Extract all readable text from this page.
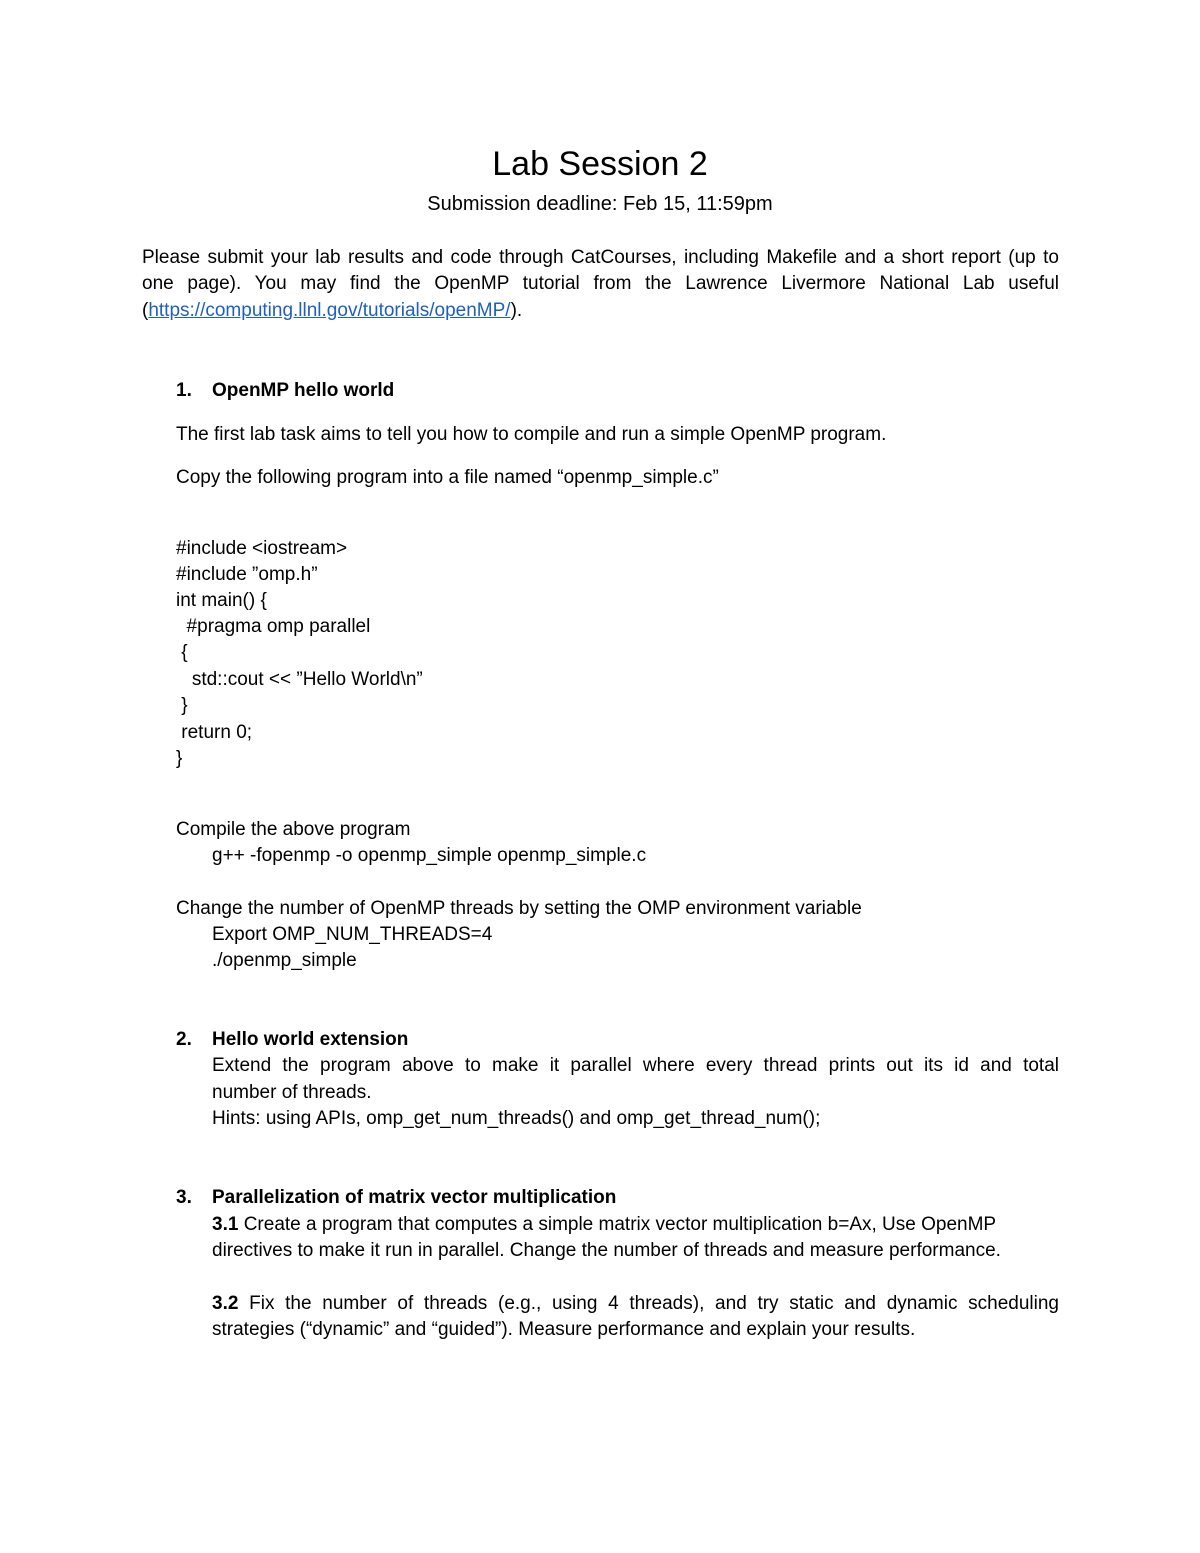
Lab Session 2
Submission deadline: Feb 15, 11:59pm

Please submit your lab results and code through CatCourses, including Makefile and a short report (up to

one page). You may find the OpenMP tutorial from the Lawrence Livermore National Lab useful

(https://computing.llnl.gov/tutorials/openMP/).

1. OpenMP hello world

The first lab task aims to tell you how to compile and run a simple OpenMP program.

Copy the following program into a file named “openmp_simple.c”

#include <iostream>
#include ”omp.h”
int main() {
#pragma omp parallel
{
std::cout << ”Hello World\n”
}
return 0;
}

Compile the above program

g++ -fopenmp -o openmp_simple openmp_simple.c

Change the number of OpenMP threads by setting the OMP environment variable

Export OMP_NUM_THREADS=4

./openmp_simple

2. Hello world extension

Extend the program above to make it parallel where every thread prints out its id and total

number of threads.

Hints: using APIs, omp_get_num_threads() and omp_get_thread_num();

3. Parallelization of matrix vector multiplication

3.1 Create a program that computes a simple matrix vector multiplication b=Ax, Use OpenMP

directives to make it run in parallel. Change the number of threads and measure performance.

3.2 Fix the number of threads (e.g., using 4 threads), and try static and dynamic scheduling

strategies (“dynamic” and “guided”). Measure performance and explain your results.
